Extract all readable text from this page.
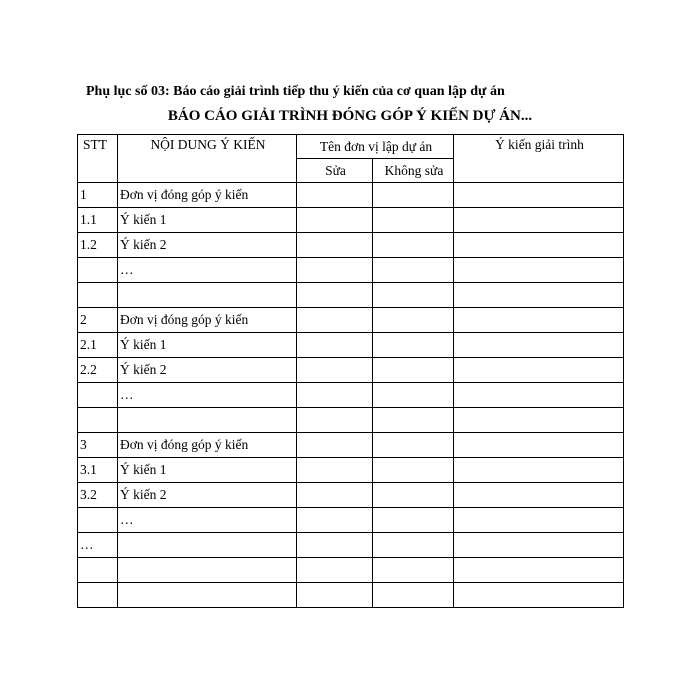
Phụ lục số 03: Báo cáo giải trình tiếp thu ý kiến của cơ quan lập dự án
BÁO CÁO GIẢI TRÌNH ĐÓNG GÓP Ý KIẾN DỰ ÁN...
STT	NỘI DUNG Ý KIẾN	Tên đơn vị lập dự án		Ý kiến giải trình
		Sửa	Không sửa	
1	Đơn vị đóng góp ý kiến			
1.1	Ý kiến 1			
1.2	Ý kiến 2			
	…			

2	Đơn vị đóng góp ý kiến			
2.1	Ý kiến 1			
2.2	Ý kiến 2			
	…			

3	Đơn vị đóng góp ý kiến			
3.1	Ý kiến 1			
3.2	Ý kiến 2			
	…			
…				
